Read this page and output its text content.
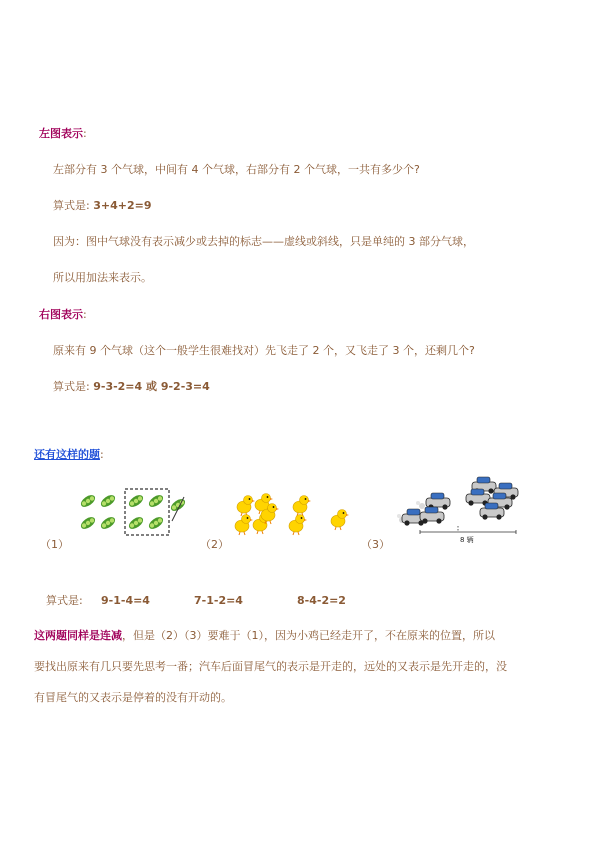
左图表示:
左部分有 3 个气球，中间有 4 个气球，右部分有 2 个气球，一共有多少个?
算式是: 3+4+2=9
因为：图中气球没有表示减少或去掉的标志——虚线或斜线，只是单纯的 3 部分气球，
所以用加法来表示。
右图表示:
原来有 9 个气球（这个一般学生很难找对）先飞走了 2 个，又飞走了 3 个，还剩几个?
算式是: 9-3-2=4 或 9-2-3=4
还有这样的题:
（1）	（2）	（3）	8 辆
算式是: 9-1-4=4	7-1-2=4	8-4-2=2
这两题同样是连减，但是（2）（3）要难于（1），因为小鸡已经走开了，不在原来的位置，所以
要找出原来有几只要先思考一番；汽车后面冒尾气的表示是开走的，远处的又表示是先开走的，没
有冒尾气的又表示是停着的没有开动的。
